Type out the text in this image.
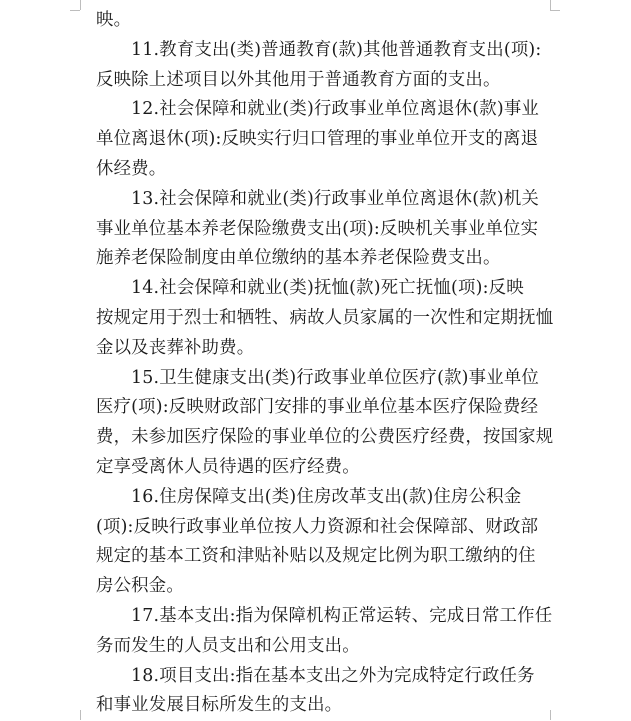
映。
11.教育支出(类)普通教育(款)其他普通教育支出(项):
反映除上述项目以外其他用于普通教育方面的支出。
12.社会保障和就业(类)行政事业单位离退休(款)事业
单位离退休(项):反映实行归口管理的事业单位开支的离退
休经费。
13.社会保障和就业(类)行政事业单位离退休(款)机关
事业单位基本养老保险缴费支出(项):反映机关事业单位实
施养老保险制度由单位缴纳的基本养老保险费支出。
14.社会保障和就业(类)抚恤(款)死亡抚恤(项):反映
按规定用于烈士和牺牲、病故人员家属的一次性和定期抚恤
金以及丧葬补助费。
15.卫生健康支出(类)行政事业单位医疗(款)事业单位
医疗(项):反映财政部门安排的事业单位基本医疗保险费经
费，未参加医疗保险的事业单位的公费医疗经费，按国家规
定享受离休人员待遇的医疗经费。
16.住房保障支出(类)住房改革支出(款)住房公积金
(项):反映行政事业单位按人力资源和社会保障部、财政部
规定的基本工资和津贴补贴以及规定比例为职工缴纳的住
房公积金。
17.基本支出:指为保障机构正常运转、完成日常工作任
务而发生的人员支出和公用支出。
18.项目支出:指在基本支出之外为完成特定行政任务
和事业发展目标所发生的支出。
